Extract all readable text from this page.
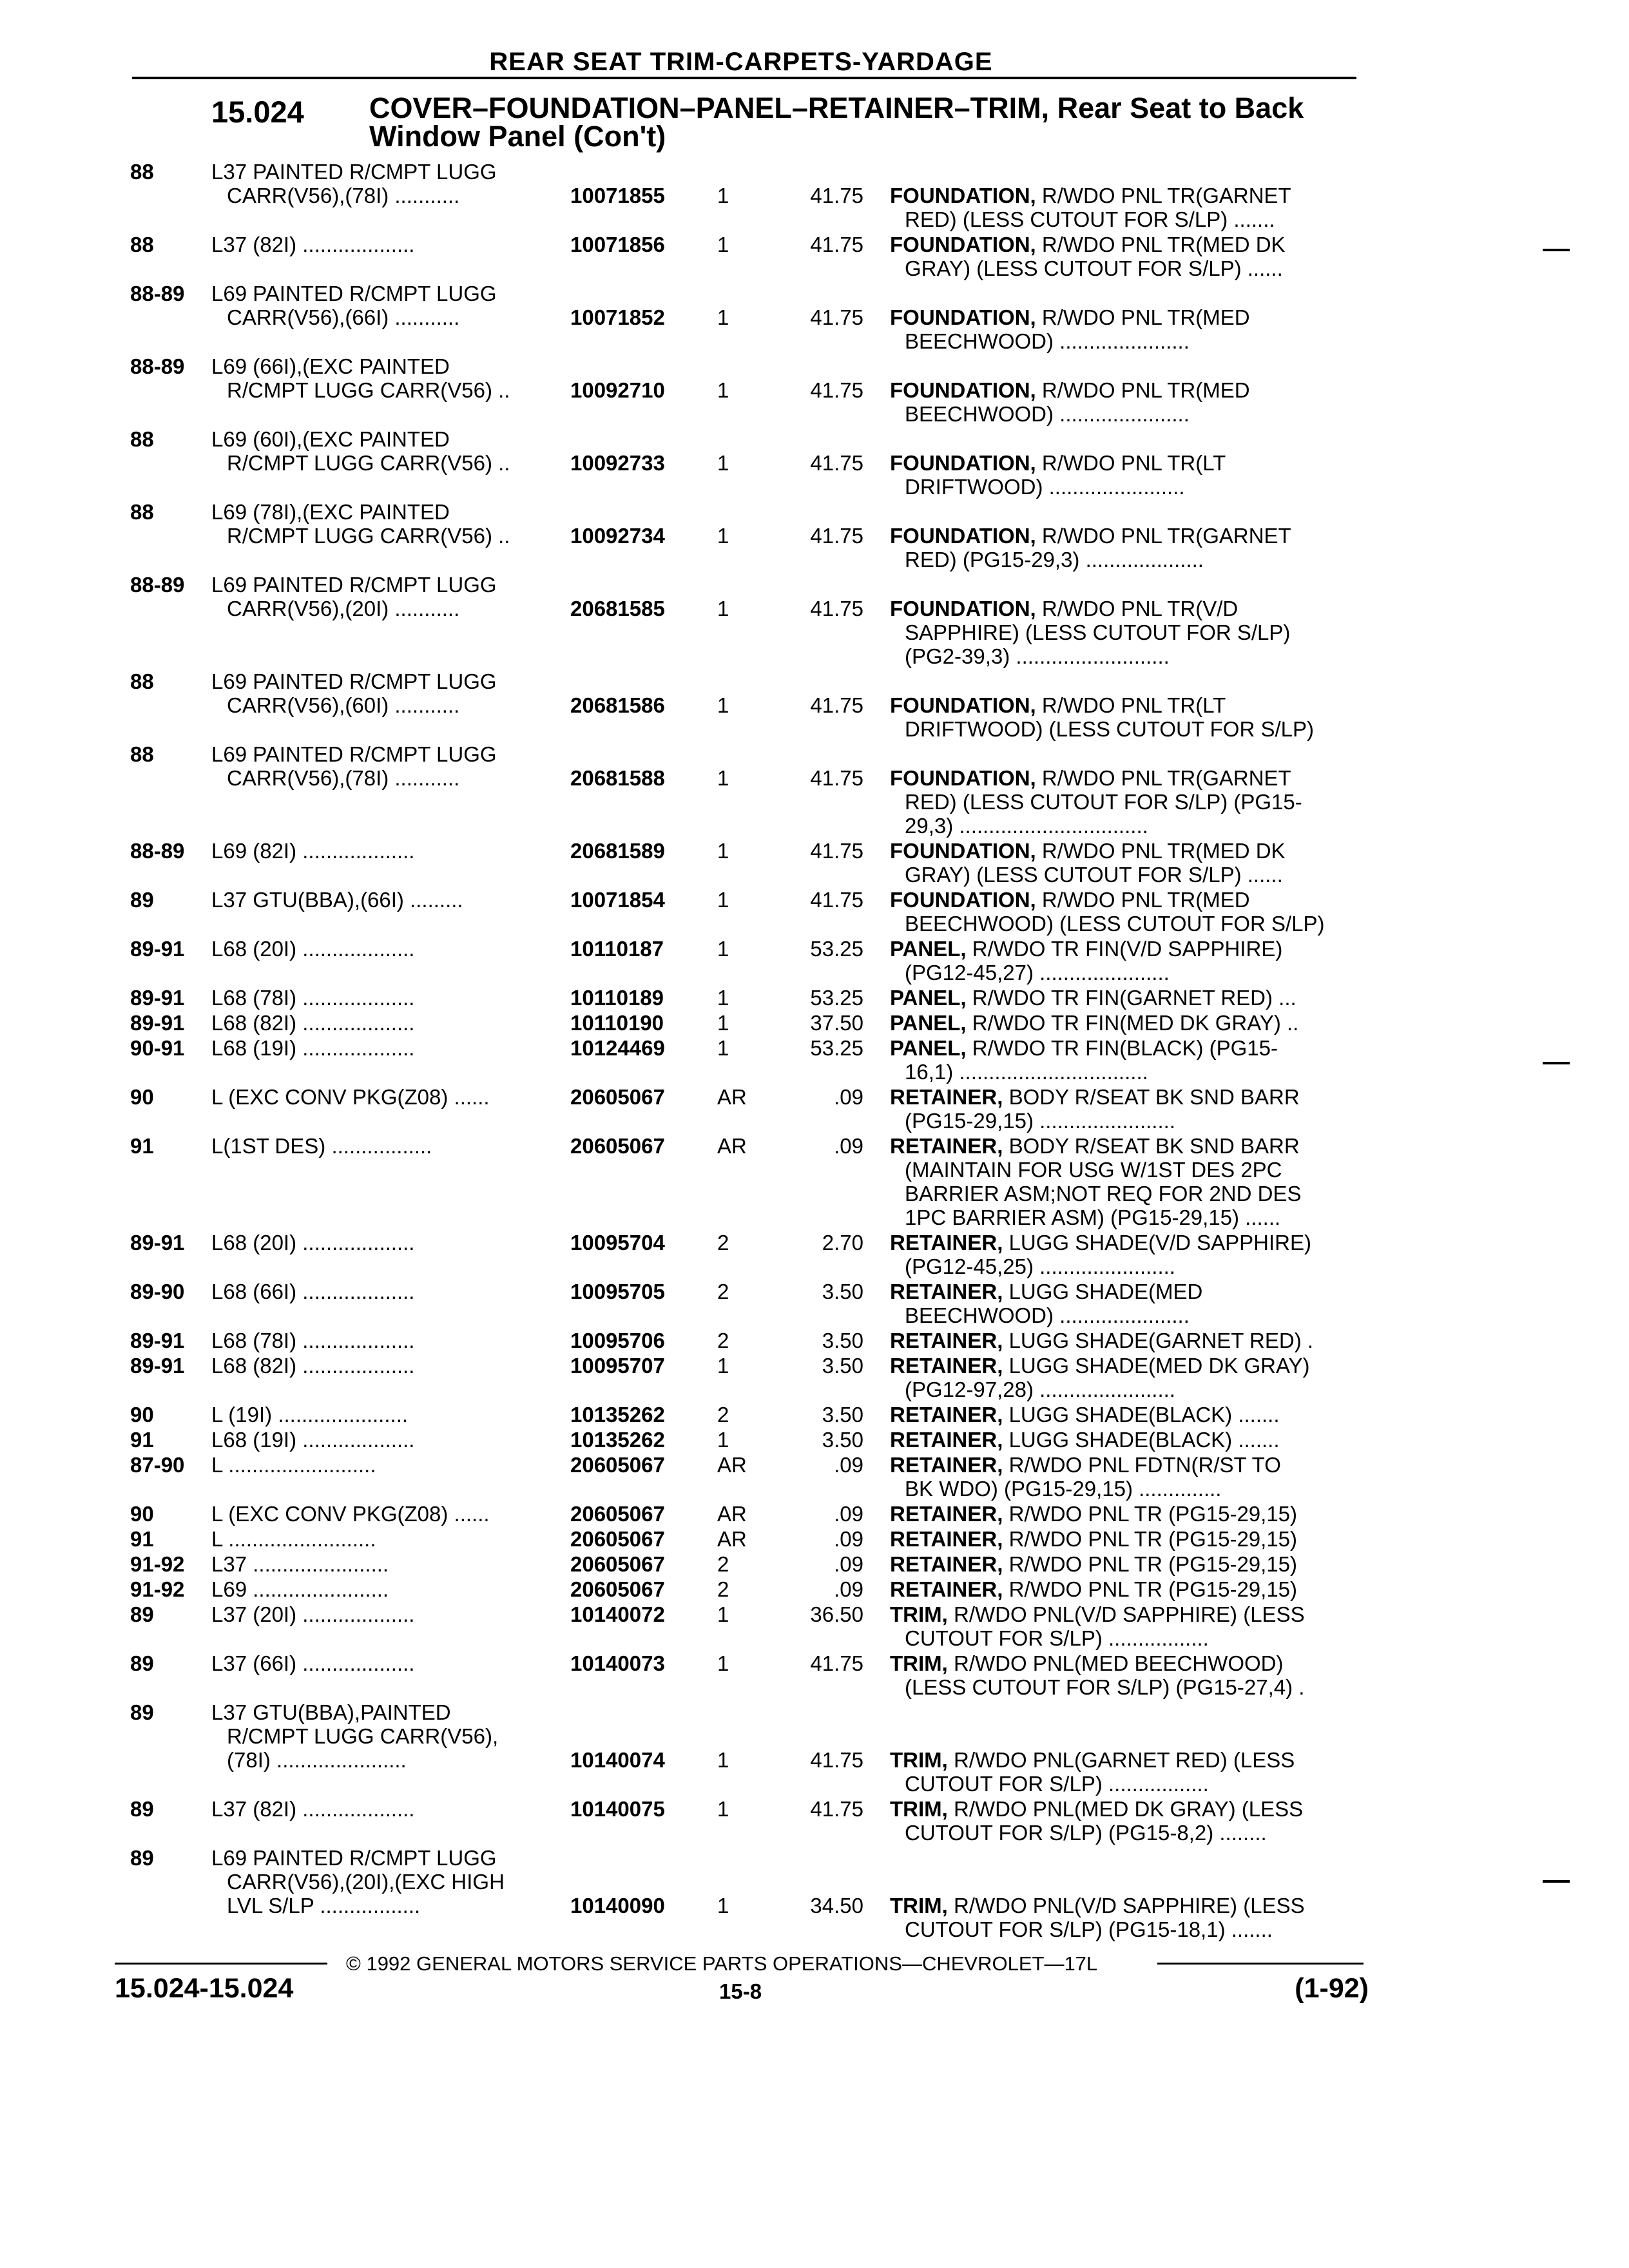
REAR SEAT TRIM-CARPETS-YARDAGE
15.024 COVER–FOUNDATION–PANEL–RETAINER–TRIM, Rear Seat to Back
Window Panel (Con't)
88	L37 PAINTED R/CMPT LUGG
CARR(V56),(78I) ...........	10071855 1	41.75 FOUNDATION, R/WDO PNL TR(GARNET
RED) (LESS CUTOUT FOR S/LP) .......
88	L37 (82I) ...................	10071856 1	41.75 FOUNDATION, R/WDO PNL TR(MED DK
GRAY) (LESS CUTOUT FOR S/LP) ......
88-89 L69 PAINTED R/CMPT LUGG
CARR(V56),(66I) ...........	10071852 1	41.75 FOUNDATION, R/WDO PNL TR(MED
BEECHWOOD) ......................
88-89 L69 (66I),(EXC PAINTED
R/CMPT LUGG CARR(V56) ..	10092710 1	41.75 FOUNDATION, R/WDO PNL TR(MED
BEECHWOOD) ......................
88	L69 (60I),(EXC PAINTED
R/CMPT LUGG CARR(V56) ..	10092733 1	41.75 FOUNDATION, R/WDO PNL TR(LT
DRIFTWOOD) .......................
88	L69 (78I),(EXC PAINTED
R/CMPT LUGG CARR(V56) ..	10092734 1	41.75 FOUNDATION, R/WDO PNL TR(GARNET
RED) (PG15-29,3) ....................
88-89 L69 PAINTED R/CMPT LUGG
CARR(V56),(20I) ...........	20681585 1	41.75 FOUNDATION, R/WDO PNL TR(V/D
SAPPHIRE) (LESS CUTOUT FOR S/LP)
(PG2-39,3) ..........................
88	L69 PAINTED R/CMPT LUGG
CARR(V56),(60I) ...........	20681586 1	41.75 FOUNDATION, R/WDO PNL TR(LT
DRIFTWOOD) (LESS CUTOUT FOR S/LP)
88	L69 PAINTED R/CMPT LUGG
CARR(V56),(78I) ...........	20681588 1	41.75 FOUNDATION, R/WDO PNL TR(GARNET
RED) (LESS CUTOUT FOR S/LP) (PG15-
29,3) ................................
88-89 L69 (82I) ...................	20681589 1	41.75 FOUNDATION, R/WDO PNL TR(MED DK
GRAY) (LESS CUTOUT FOR S/LP) ......
89	L37 GTU(BBA),(66I) .........	10071854 1	41.75 FOUNDATION, R/WDO PNL TR(MED
BEECHWOOD) (LESS CUTOUT FOR S/LP)
89-91 L68 (20I) ...................	10110187	1	53.25 PANEL, R/WDO TR FIN(V/D SAPPHIRE)
(PG12-45,27) ......................
89-91 L68 (78I) ...................	10110189	1	53.25 PANEL, R/WDO TR FIN(GARNET RED) ...
89-91 L68 (82I) ...................	10110190	1	37.50 PANEL, R/WDO TR FIN(MED DK GRAY) ..
90-91 L68 (19I) ...................	10124469 1	53.25 PANEL, R/WDO TR FIN(BLACK) (PG15-
16,1) ................................
90	L (EXC CONV PKG(Z08) ......	20605067 AR	.09 RETAINER, BODY R/SEAT BK SND BARR
(PG15-29,15) .......................
91	L(1ST DES) .................	20605067 AR	.09 RETAINER, BODY R/SEAT BK SND BARR
(MAINTAIN FOR USG W/1ST DES 2PC
BARRIER ASM;NOT REQ FOR 2ND DES
1PC BARRIER ASM) (PG15-29,15) ......
89-91 L68 (20I) ...................	10095704 2	2.70 RETAINER, LUGG SHADE(V/D SAPPHIRE)
(PG12-45,25) .......................
89-90 L68 (66I) ...................	10095705 2	3.50 RETAINER, LUGG SHADE(MED
BEECHWOOD) ......................
89-91 L68 (78I) ...................	10095706 2	3.50 RETAINER, LUGG SHADE(GARNET RED) .
89-91 L68 (82I) ...................	10095707 1	3.50 RETAINER, LUGG SHADE(MED DK GRAY)
(PG12-97,28) .......................
90	L (19I) ......................	10135262 2	3.50 RETAINER, LUGG SHADE(BLACK) .......
91	L68 (19I) ...................	10135262 1	3.50 RETAINER, LUGG SHADE(BLACK) .......
87-90 L .........................	20605067 AR	.09 RETAINER, R/WDO PNL FDTN(R/ST TO
BK WDO) (PG15-29,15) ..............
90	L (EXC CONV PKG(Z08) ......	20605067 AR	.09 RETAINER, R/WDO PNL TR (PG15-29,15)
91	L .........................	20605067 AR	.09 RETAINER, R/WDO PNL TR (PG15-29,15)
91-92 L37 .......................	20605067 2	.09 RETAINER, R/WDO PNL TR (PG15-29,15)
91-92 L69 .......................	20605067 2	.09 RETAINER, R/WDO PNL TR (PG15-29,15)
89	L37 (20I) ...................	10140072 1	36.50 TRIM, R/WDO PNL(V/D SAPPHIRE) (LESS
CUTOUT FOR S/LP) .................
89	L37 (66I) ...................	10140073 1	41.75 TRIM, R/WDO PNL(MED BEECHWOOD)
(LESS CUTOUT FOR S/LP) (PG15-27,4) .
89	L37 GTU(BBA),PAINTED
R/CMPT LUGG CARR(V56),
(78I) ......................	10140074 1	41.75 TRIM, R/WDO PNL(GARNET RED) (LESS
CUTOUT FOR S/LP) .................
89	L37 (82I) ...................	10140075 1	41.75 TRIM, R/WDO PNL(MED DK GRAY) (LESS
CUTOUT FOR S/LP) (PG15-8,2) ........
89	L69 PAINTED R/CMPT LUGG
CARR(V56),(20I),(EXC HIGH
LVL S/LP .................	10140090 1	34.50 TRIM, R/WDO PNL(V/D SAPPHIRE) (LESS
CUTOUT FOR S/LP) (PG15-18,1) .......
© 1992 GENERAL MOTORS SERVICE PARTS OPERATIONS—CHEVROLET—17L
15.024-15.024	15-8	(1-92)
